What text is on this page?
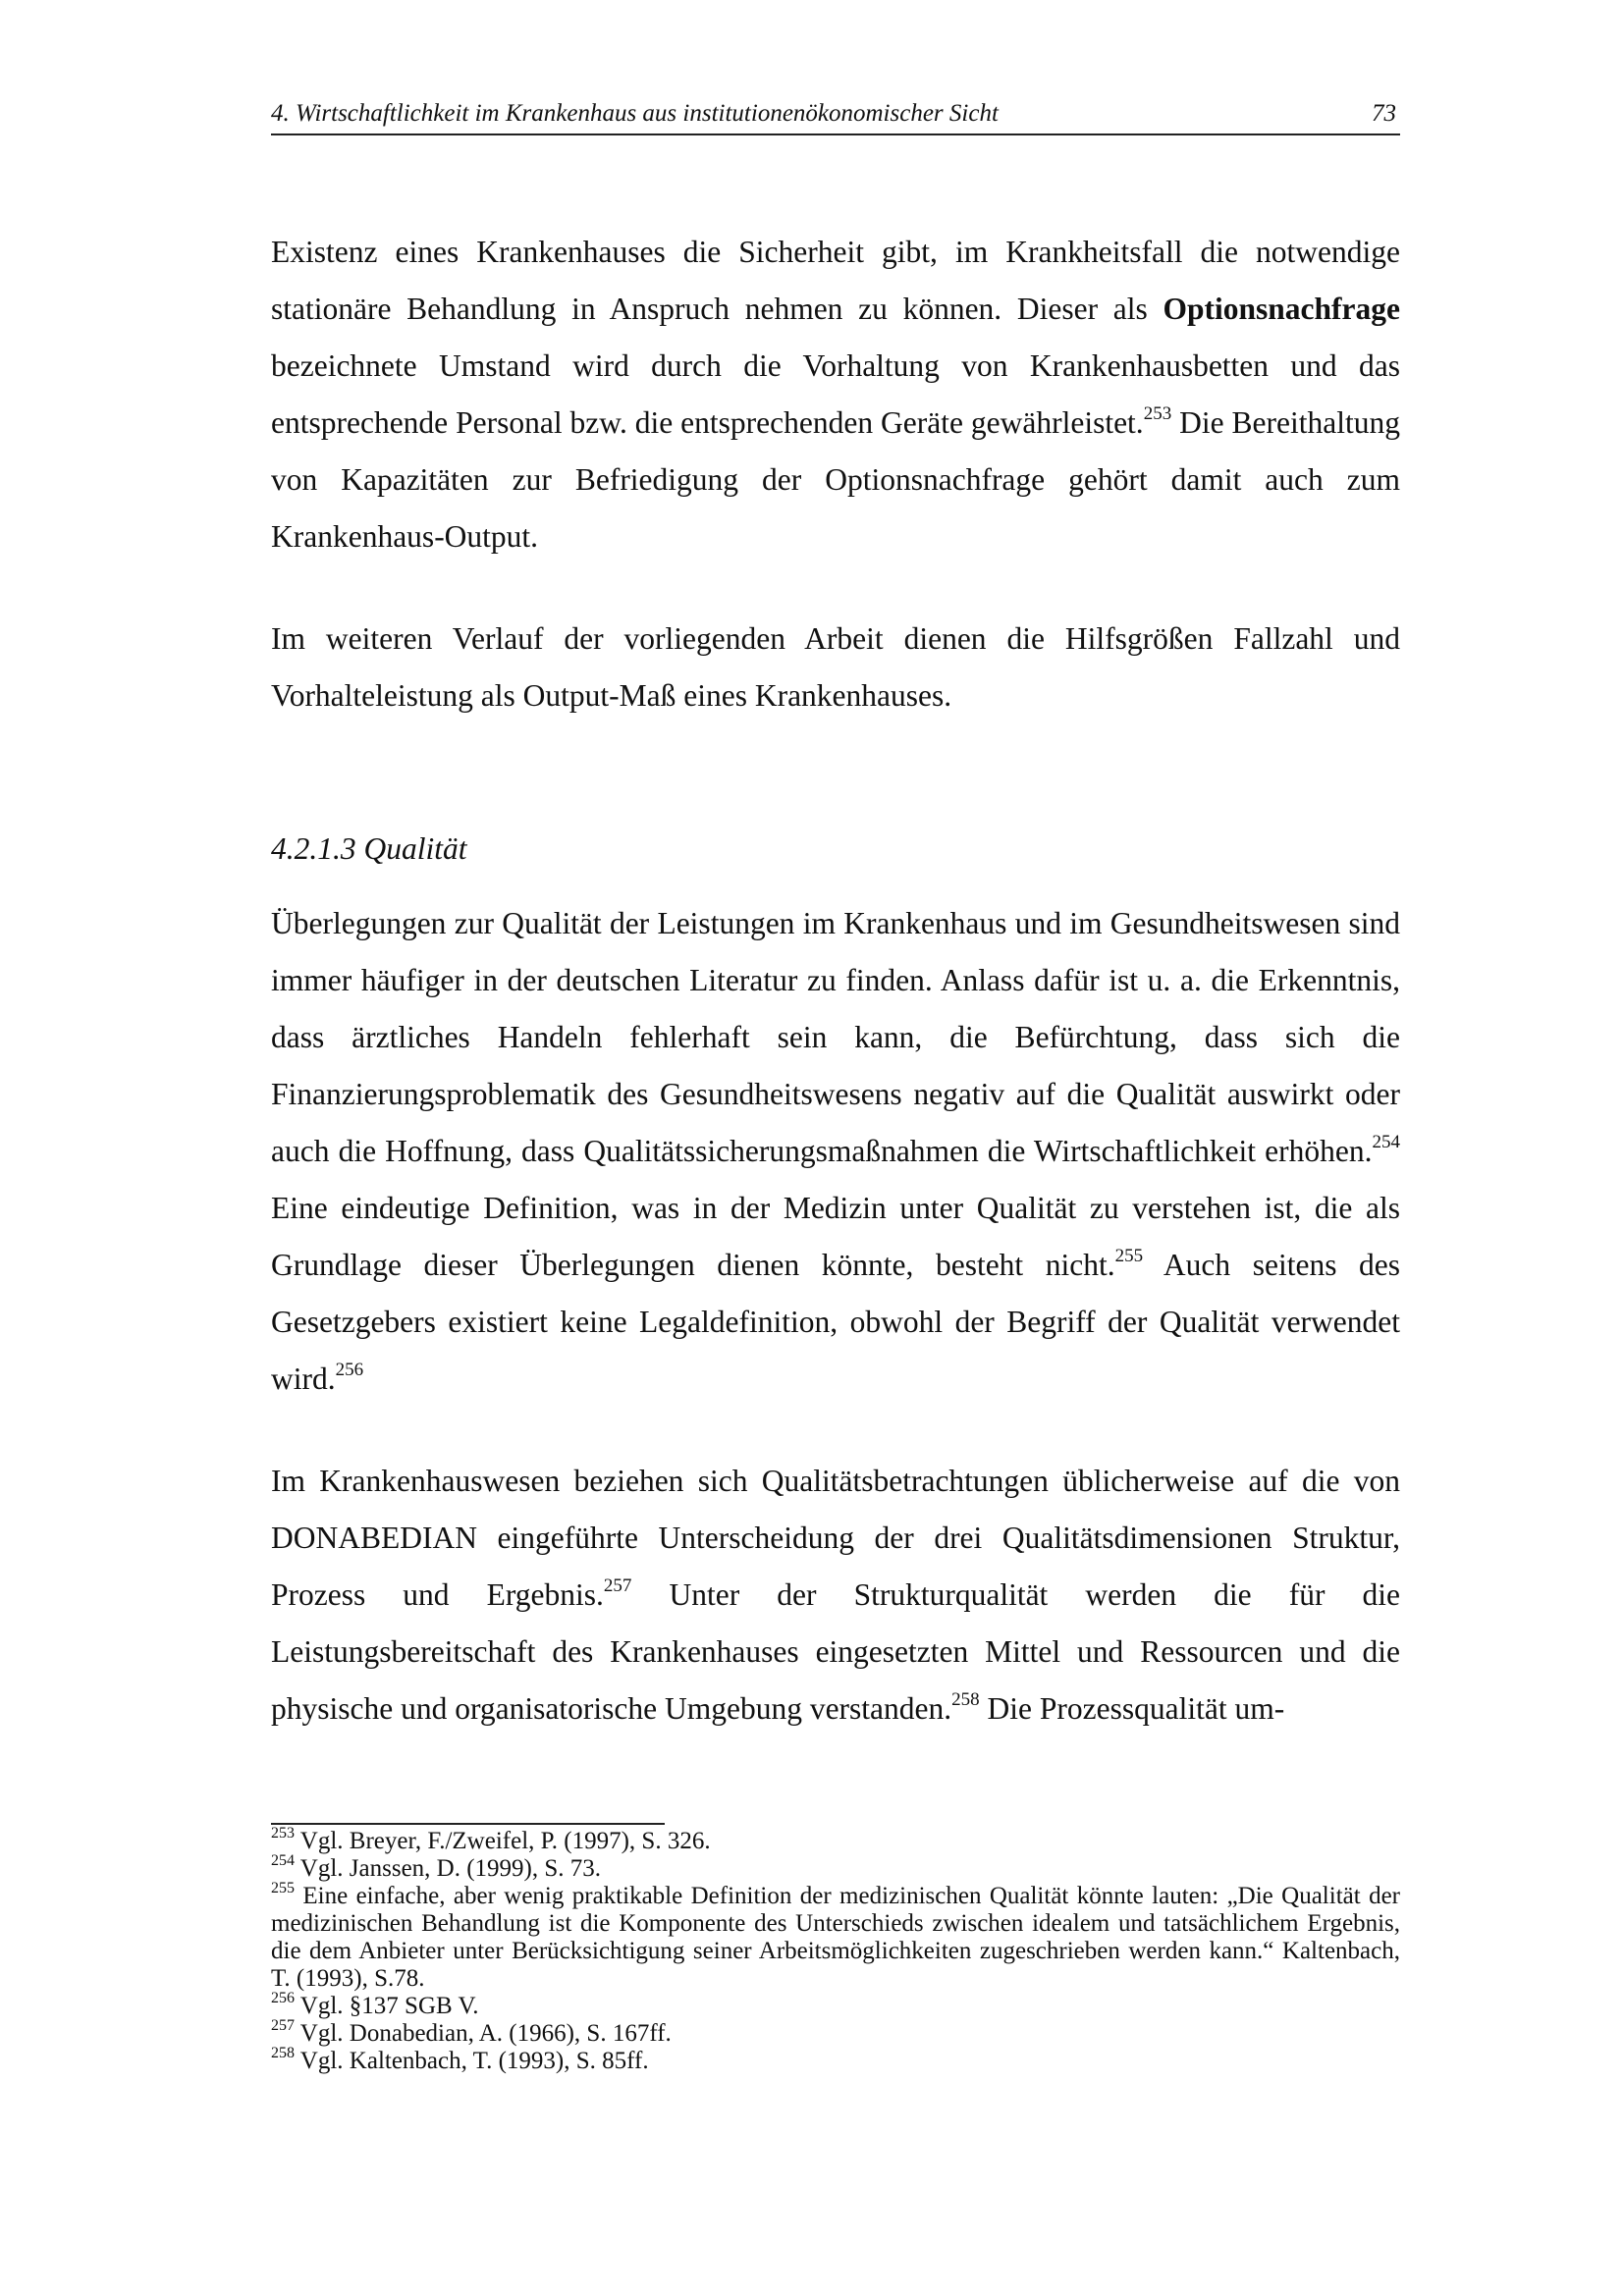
4. Wirtschaftlichkeit im Krankenhaus aus institutionenökonomischer Sicht	73

Existenz eines Krankenhauses die Sicherheit gibt, im Krankheitsfall die notwendige stationäre Behandlung in Anspruch nehmen zu können. Dieser als Optionsnachfrage bezeichnete Umstand wird durch die Vorhaltung von Krankenhausbetten und das entsprechende Personal bzw. die entsprechenden Geräte gewährleistet.$^{253}$ Die Bereithaltung von Kapazitäten zur Befriedigung der Optionsnachfrage gehört damit auch zum Krankenhaus-Output.

Im weiteren Verlauf der vorliegenden Arbeit dienen die Hilfsgrößen Fallzahl und Vorhalteleistung als Output-Maß eines Krankenhauses.

4.2.1.3 Qualität

Überlegungen zur Qualität der Leistungen im Krankenhaus und im Gesundheitswesen sind immer häufiger in der deutschen Literatur zu finden. Anlass dafür ist u. a. die Erkenntnis, dass ärztliches Handeln fehlerhaft sein kann, die Befürchtung, dass sich die Finanzierungsproblematik des Gesundheitswesens negativ auf die Qualität auswirkt oder auch die Hoffnung, dass Qualitätssicherungsmaßnahmen die Wirtschaftlichkeit erhöhen.$^{254}$ Eine eindeutige Definition, was in der Medizin unter Qualität zu verstehen ist, die als Grundlage dieser Überlegungen dienen könnte, besteht nicht.$^{255}$ Auch seitens des Gesetzgebers existiert keine Legaldefinition, obwohl der Begriff der Qualität verwendet wird.$^{256}$

Im Krankenhauswesen beziehen sich Qualitätsbetrachtungen üblicherweise auf die von DONABEDIAN eingeführte Unterscheidung der drei Qualitätsdimensionen Struktur, Prozess und Ergebnis.$^{257}$ Unter der Strukturqualität werden die für die Leistungsbereitschaft des Krankenhauses eingesetzten Mittel und Ressourcen und die physische und organisatorische Umgebung verstanden.$^{258}$ Die Prozessqualität um-

$^{253}$ Vgl. Breyer, F./Zweifel, P. (1997), S. 326.

$^{254}$ Vgl. Janssen, D. (1999), S. 73.

$^{255}$ Eine einfache, aber wenig praktikable Definition der medizinischen Qualität könnte lauten: „Die Qualität der medizinischen Behandlung ist die Komponente des Unterschieds zwischen idealem und tatsächlichem Ergebnis, die dem Anbieter unter Berücksichtigung seiner Arbeitsmöglichkeiten zugeschrieben werden kann.“ Kaltenbach, T. (1993), S.78.

$^{256}$ Vgl. §137 SGB V.

$^{257}$ Vgl. Donabedian, A. (1966), S. 167ff.

$^{258}$ Vgl. Kaltenbach, T. (1993), S. 85ff.
